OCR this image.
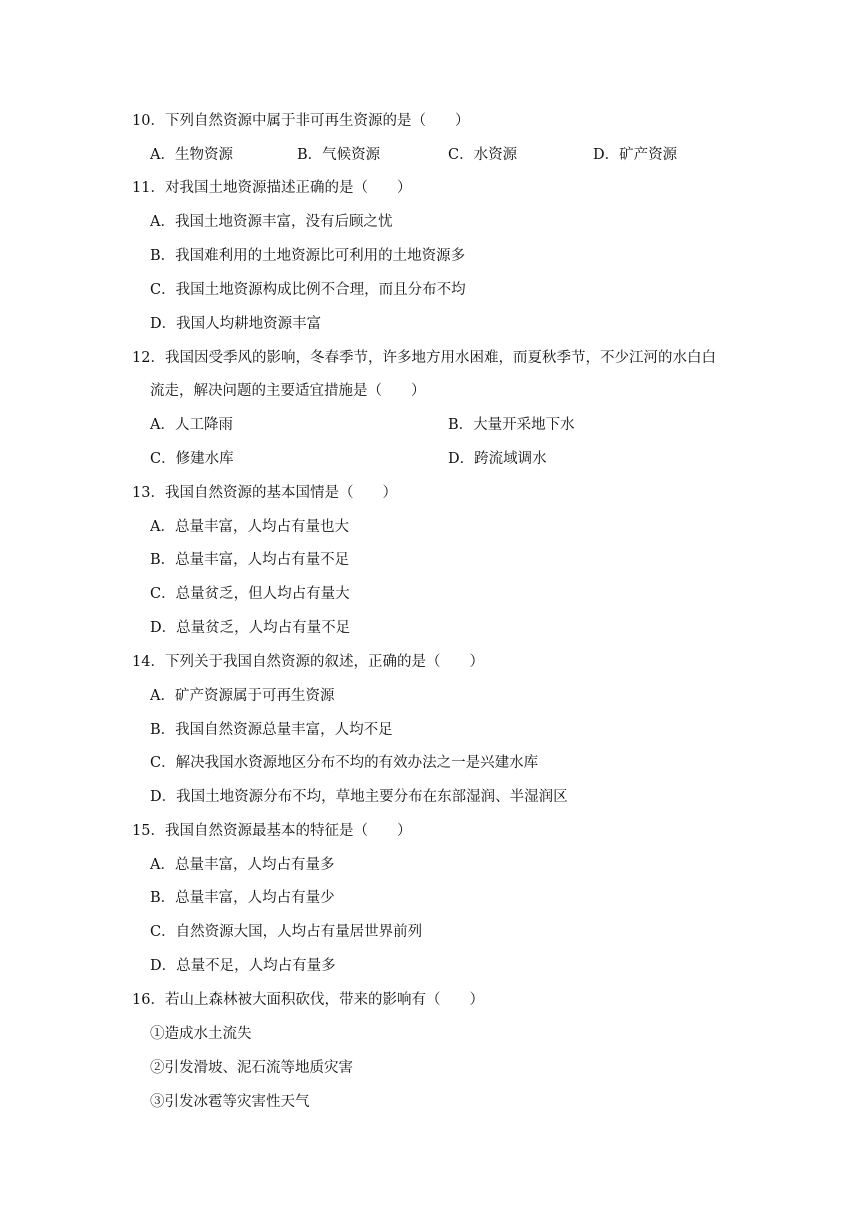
10．下列自然资源中属于非可再生资源的是（　　）
A．生物资源	B．气候资源	C．水资源	D．矿产资源
11．对我国土地资源描述正确的是（　　）
A．我国土地资源丰富，没有后顾之忧
B．我国难利用的土地资源比可利用的土地资源多
C．我国土地资源构成比例不合理，而且分布不均
D．我国人均耕地资源丰富
12．我国因受季风的影响，冬春季节，许多地方用水困难，而夏秋季节，不少江河的水白白
流走，解决问题的主要适宜措施是（　　）
A．人工降雨	B．大量开采地下水
C．修建水库	D．跨流域调水
13．我国自然资源的基本国情是（　　）
A．总量丰富，人均占有量也大
B．总量丰富，人均占有量不足
C．总量贫乏，但人均占有量大
D．总量贫乏，人均占有量不足
14．下列关于我国自然资源的叙述，正确的是（　　）
A．矿产资源属于可再生资源
B．我国自然资源总量丰富，人均不足
C．解决我国水资源地区分布不均的有效办法之一是兴建水库
D．我国土地资源分布不均，草地主要分布在东部湿润、半湿润区
15．我国自然资源最基本的特征是（　　）
A．总量丰富，人均占有量多
B．总量丰富，人均占有量少
C．自然资源大国，人均占有量居世界前列
D．总量不足，人均占有量多
16．若山上森林被大面积砍伐，带来的影响有（　　）
①造成水土流失
②引发滑坡、泥石流等地质灾害
③引发冰雹等灾害性天气
